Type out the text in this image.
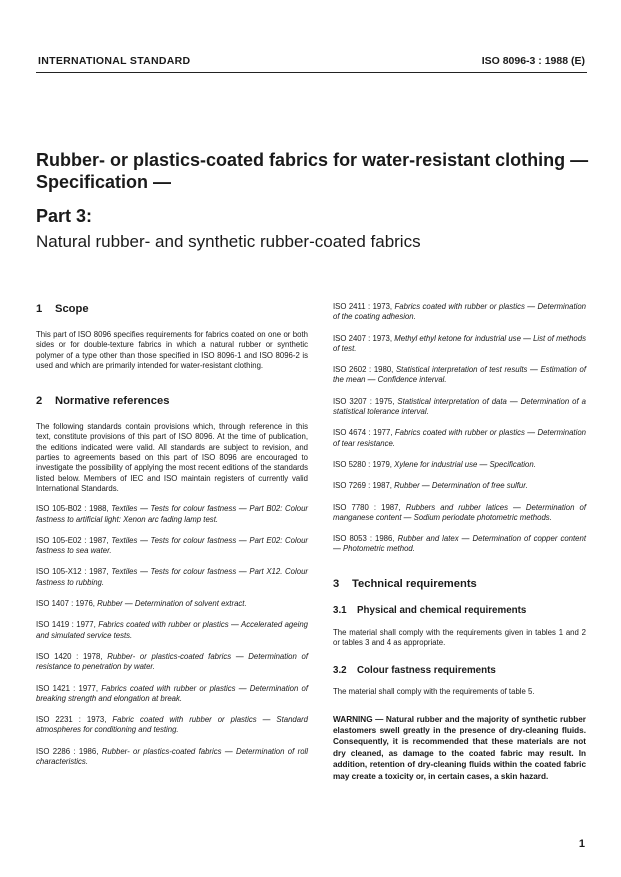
INTERNATIONAL STANDARD	ISO 8096-3 : 1988 (E)
Rubber- or plastics-coated fabrics for water-resistant clothing — Specification —
Part 3:
Natural rubber- and synthetic rubber-coated fabrics
1 Scope

This part of ISO 8096 specifies requirements for fabrics coated on one or both sides or for double-texture fabrics in which a natural rubber or synthetic polymer of a type other than those specified in ISO 8096-1 and ISO 8096-2 is used and which are primarily intended for water-resistant clothing.

2 Normative references

The following standards contain provisions which, through reference in this text, constitute provisions of this part of ISO 8096. At the time of publication, the editions indicated were valid. All standards are subject to revision, and parties to agreements based on this part of ISO 8096 are encouraged to investigate the possibility of applying the most recent editions of the standards listed below. Members of IEC and ISO maintain registers of currently valid International Standards.

ISO 105-B02 : 1988, Textiles — Tests for colour fastness — Part B02: Colour fastness to artificial light: Xenon arc fading lamp test.

ISO 105-E02 : 1987, Textiles — Tests for colour fastness — Part E02: Colour fastness to sea water.

ISO 105-X12 : 1987, Textiles — Tests for colour fastness — Part X12. Colour fastness to rubbing.

ISO 1407 : 1976, Rubber — Determination of solvent extract.

ISO 1419 : 1977, Fabrics coated with rubber or plastics — Accelerated ageing and simulated service tests.

ISO 1420 : 1978, Rubber- or plastics-coated fabrics — Determination of resistance to penetration by water.

ISO 1421 : 1977, Fabrics coated with rubber or plastics — Determination of breaking strength and elongation at break.

ISO 2231 : 1973, Fabric coated with rubber or plastics — Standard atmospheres for conditioning and testing.

ISO 2286 : 1986, Rubber- or plastics-coated fabrics — Determination of roll characteristics.

ISO 2411 : 1973, Fabrics coated with rubber or plastics — Determination of the coating adhesion.

ISO 2407 : 1973, Methyl ethyl ketone for industrial use — List of methods of test.

ISO 2602 : 1980, Statistical interpretation of test results — Estimation of the mean — Confidence interval.

ISO 3207 : 1975, Statistical interpretation of data — Determination of a statistical tolerance interval.

ISO 4674 : 1977, Fabrics coated with rubber or plastics — Determination of tear resistance.

ISO 5280 : 1979, Xylene for industrial use — Specification.

ISO 7269 : 1987, Rubber — Determination of free sulfur.

ISO 7780 : 1987, Rubbers and rubber latices — Determination of manganese content — Sodium periodate photometric methods.

ISO 8053 : 1986, Rubber and latex — Determination of copper content — Photometric method.

3 Technical requirements
3.1 Physical and chemical requirements

The material shall comply with the requirements given in tables 1 and 2 or tables 3 and 4 as appropriate.

3.2 Colour fastness requirements

The material shall comply with the requirements of table 5.

WARNING — Natural rubber and the majority of synthetic rubber elastomers swell greatly in the presence of dry-cleaning fluids. Consequently, it is recommended that these materials are not dry cleaned, as damage to the coated fabric may result. In addition, retention of dry-cleaning fluids within the coated fabric may create a toxicity or, in certain cases, a skin hazard.

1
